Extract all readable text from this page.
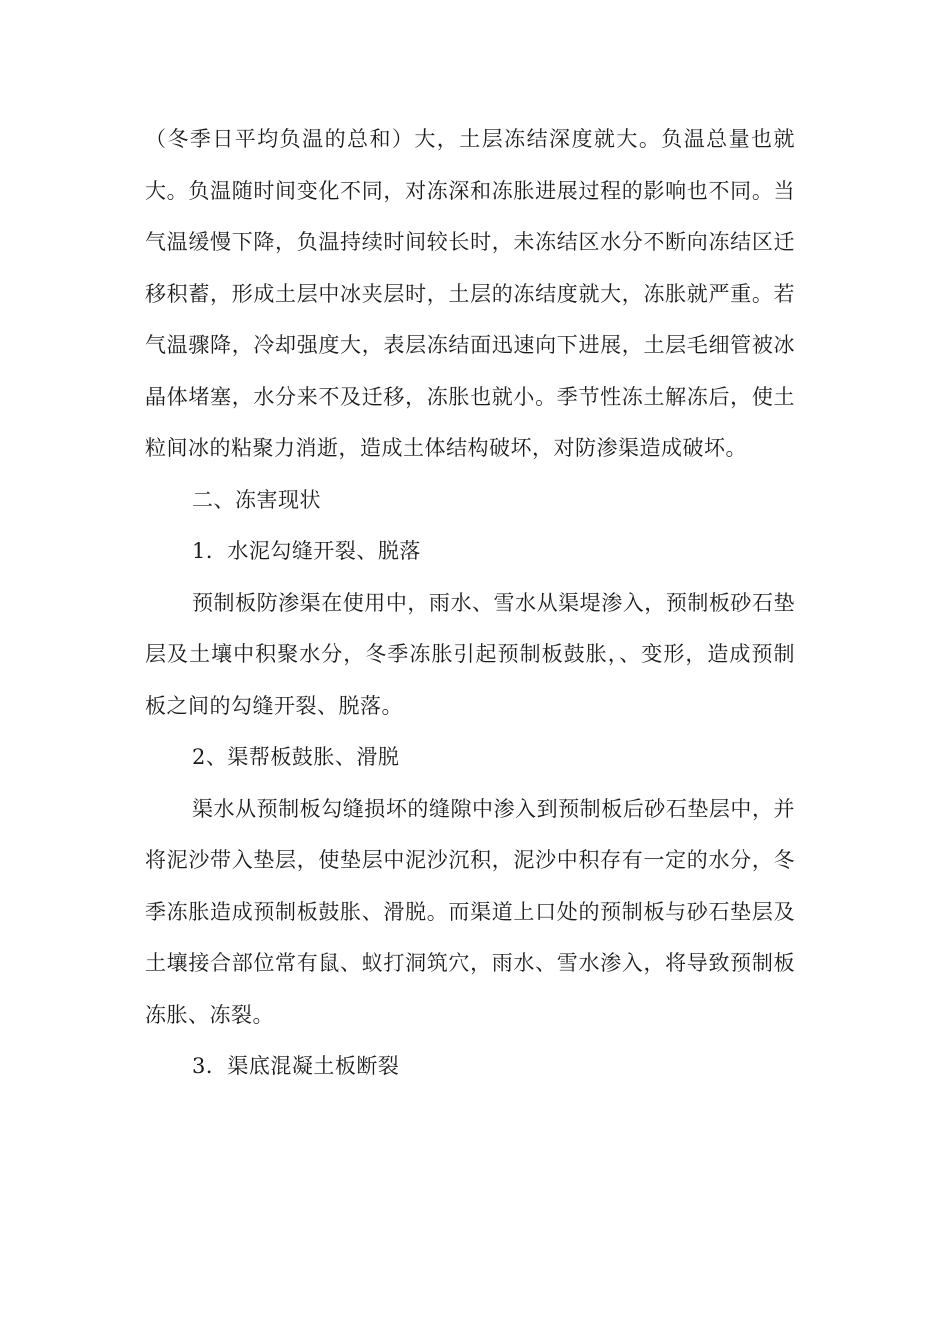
（冬季日平均负温的总和）大，土层冻结深度就大。负温总量也就大。负温随时间变化不同，对冻深和冻胀进展过程的影响也不同。当气温缓慢下降，负温持续时间较长时，未冻结区水分不断向冻结区迁移积蓄，形成土层中冰夹层时，土层的冻结度就大，冻胀就严重。若气温骤降，冷却强度大，表层冻结面迅速向下进展，土层毛细管被冰晶体堵塞，水分来不及迁移，冻胀也就小。季节性冻土解冻后，使土粒间冰的粘聚力消逝，造成土体结构破坏，对防渗渠造成破坏。

二、冻害现状

1．水泥勾缝开裂、脱落

预制板防渗渠在使用中，雨水、雪水从渠堤渗入，预制板砂石垫层及土壤中积聚水分，冬季冻胀引起预制板鼓胀，、变形，造成预制板之间的勾缝开裂、脱落。

2、渠帮板鼓胀、滑脱

渠水从预制板勾缝损坏的缝隙中渗入到预制板后砂石垫层中，并将泥沙带入垫层，使垫层中泥沙沉积，泥沙中积存有一定的水分，冬季冻胀造成预制板鼓胀、滑脱。而渠道上口处的预制板与砂石垫层及土壤接合部位常有鼠、蚁打洞筑穴，雨水、雪水渗入，将导致预制板冻胀、冻裂。

3．渠底混凝土板断裂
